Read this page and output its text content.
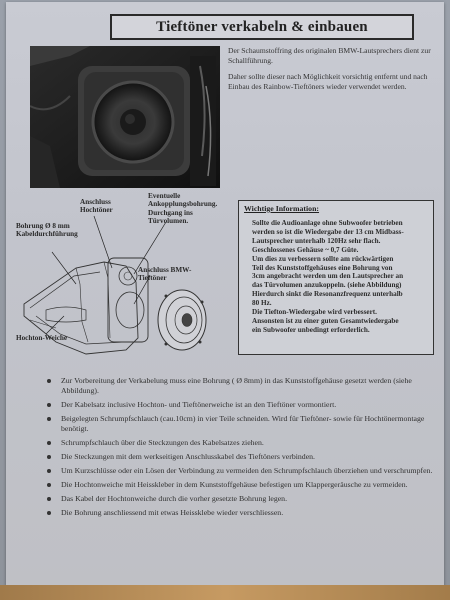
Tieftöner verkabeln & einbauen

Der Schaumstoffring des originalen BMW-Lautsprechers dient zur Schallführung.

Daher sollte dieser nach Möglichkeit vorsichtig entfernt und nach Einbau des Rainbow-Tieftöners wieder verwendet werden.

Bohrung Ø 8 mm
Kabeldurchführung
Anschluss
Hochtöner
Eventuelle
Ankopplungsbohrung.
Durchgang ins
Türvolumen.
Anschluss BMW-
Tieftöner
Hochton-Weiche
Wichtige Information:
Sollte die Audioanlage ohne Subwoofer betrieben
werden so ist die Wiedergabe der 13 cm Midbass-
Lautsprecher unterhalb 120Hz sehr flach.
Geschlossenes Gehäuse ~ 0,7 Güte.
Um dies zu verbessern sollte am rückwärtigen
Teil des Kunststoffgehäuses eine Bohrung von
3cm angebracht werden um den Lautsprecher an
das Türvolumen anzukoppeln. (siehe Abbildung)
Hierdurch sinkt die Resonanzfrequenz unterhalb
80 Hz.
Die Tiefton-Wiedergabe wird verbessert.
Ansonsten ist zu einer guten Gesamtwiedergabe
ein Subwoofer unbedingt erforderlich.
Zur Vorbereitung der Verkabelung muss eine Bohrung ( Ø 8mm) in das Kunststoffgehäuse gesetzt werden (siehe Abbildung).
Der Kabelsatz inclusive Hochton- und Tieftönerweiche ist an den Tieftöner vormontiert.
Beigelegten Schrumpfschlauch (cau.10cm) in vier Teile schneiden. Wird für Tieftöner- sowie für Hochtönermontage benötigt.
Schrumpfschlauch über die Steckzungen des Kabelsatzes ziehen.
Die Steckzungen mit dem werkseitigen Anschlusskabel des Tieftöners verbinden.
Um Kurzschlüsse oder ein Lösen der Verbindung zu vermeiden den Schrumpfschlauch überziehen und verschrumpfen.
Die Hochtonweiche mit Heisskleber in dem Kunststoffgehäuse befestigen um Klappergeräusche zu vermeiden.
Das Kabel der Hochtonweiche durch die vorher gesetzte Bohrung legen.
Die Bohrung anschliessend mit etwas Heissklebe wieder verschliessen.
